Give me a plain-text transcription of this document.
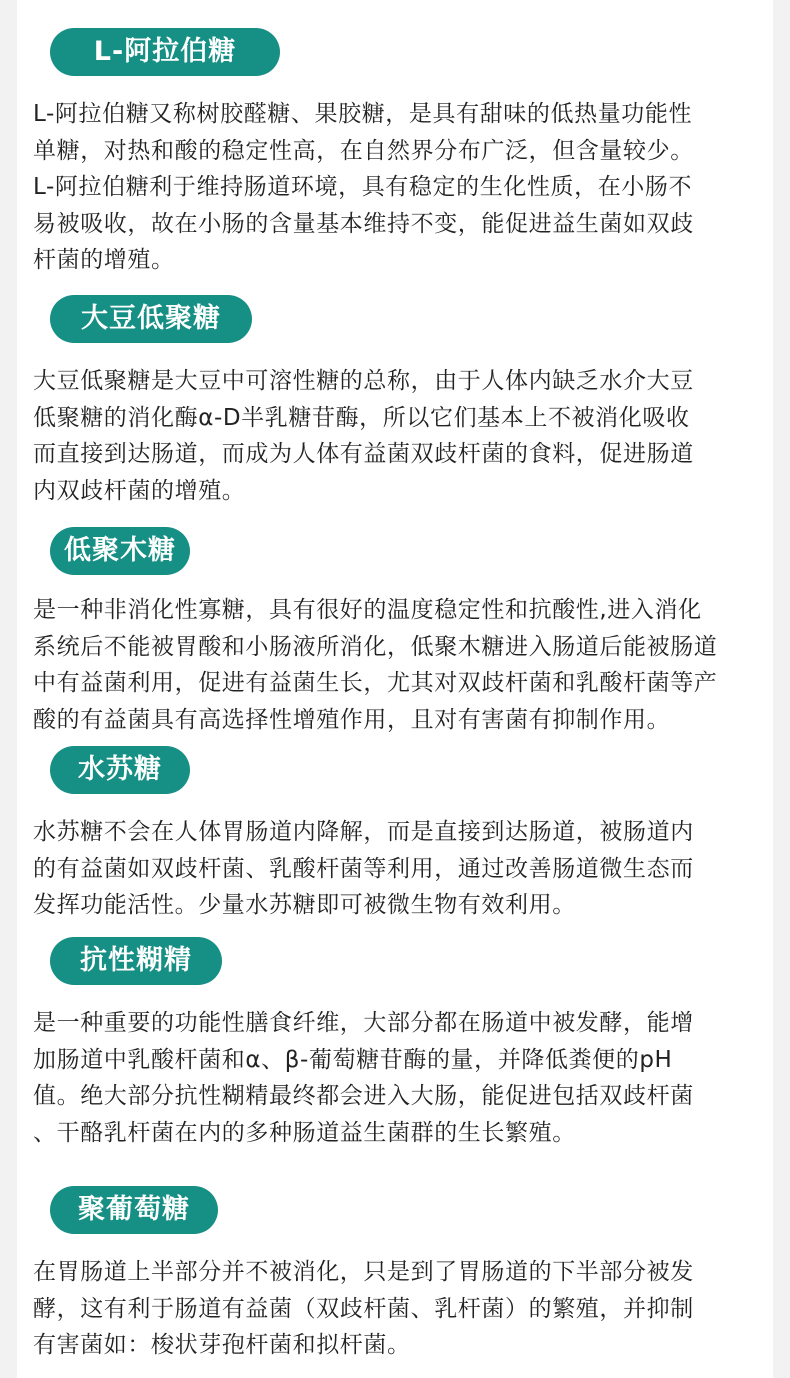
L-阿拉伯糖
L-阿拉伯糖又称树胶醛糖、果胶糖，是具有甜味的低热量功能性
单糖，对热和酸的稳定性高，在自然界分布广泛，但含量较少。
L-阿拉伯糖利于维持肠道环境，具有稳定的生化性质，在小肠不
易被吸收，故在小肠的含量基本维持不变，能促进益生菌如双歧
杆菌的增殖。
大豆低聚糖
大豆低聚糖是大豆中可溶性糖的总称，由于人体内缺乏水介大豆
低聚糖的消化酶α-D半乳糖苷酶，所以它们基本上不被消化吸收
而直接到达肠道，而成为人体有益菌双歧杆菌的食料，促进肠道
内双歧杆菌的增殖。
低聚木糖
是一种非消化性寡糖，具有很好的温度稳定性和抗酸性,进入消化
系统后不能被胃酸和小肠液所消化，低聚木糖进入肠道后能被肠道
中有益菌利用，促进有益菌生长，尤其对双歧杆菌和乳酸杆菌等产
酸的有益菌具有高选择性增殖作用，且对有害菌有抑制作用。
水苏糖
水苏糖不会在人体胃肠道内降解，而是直接到达肠道，被肠道内
的有益菌如双歧杆菌、乳酸杆菌等利用，通过改善肠道微生态而
发挥功能活性。少量水苏糖即可被微生物有效利用。
抗性糊精
是一种重要的功能性膳食纤维，大部分都在肠道中被发酵，能增
加肠道中乳酸杆菌和α、β-葡萄糖苷酶的量，并降低粪便的pH
值。绝大部分抗性糊精最终都会进入大肠，能促进包括双歧杆菌
、干酪乳杆菌在内的多种肠道益生菌群的生长繁殖。
聚葡萄糖
在胃肠道上半部分并不被消化，只是到了胃肠道的下半部分被发
酵，这有利于肠道有益菌（双歧杆菌、乳杆菌）的繁殖，并抑制
有害菌如：梭状芽孢杆菌和拟杆菌。
